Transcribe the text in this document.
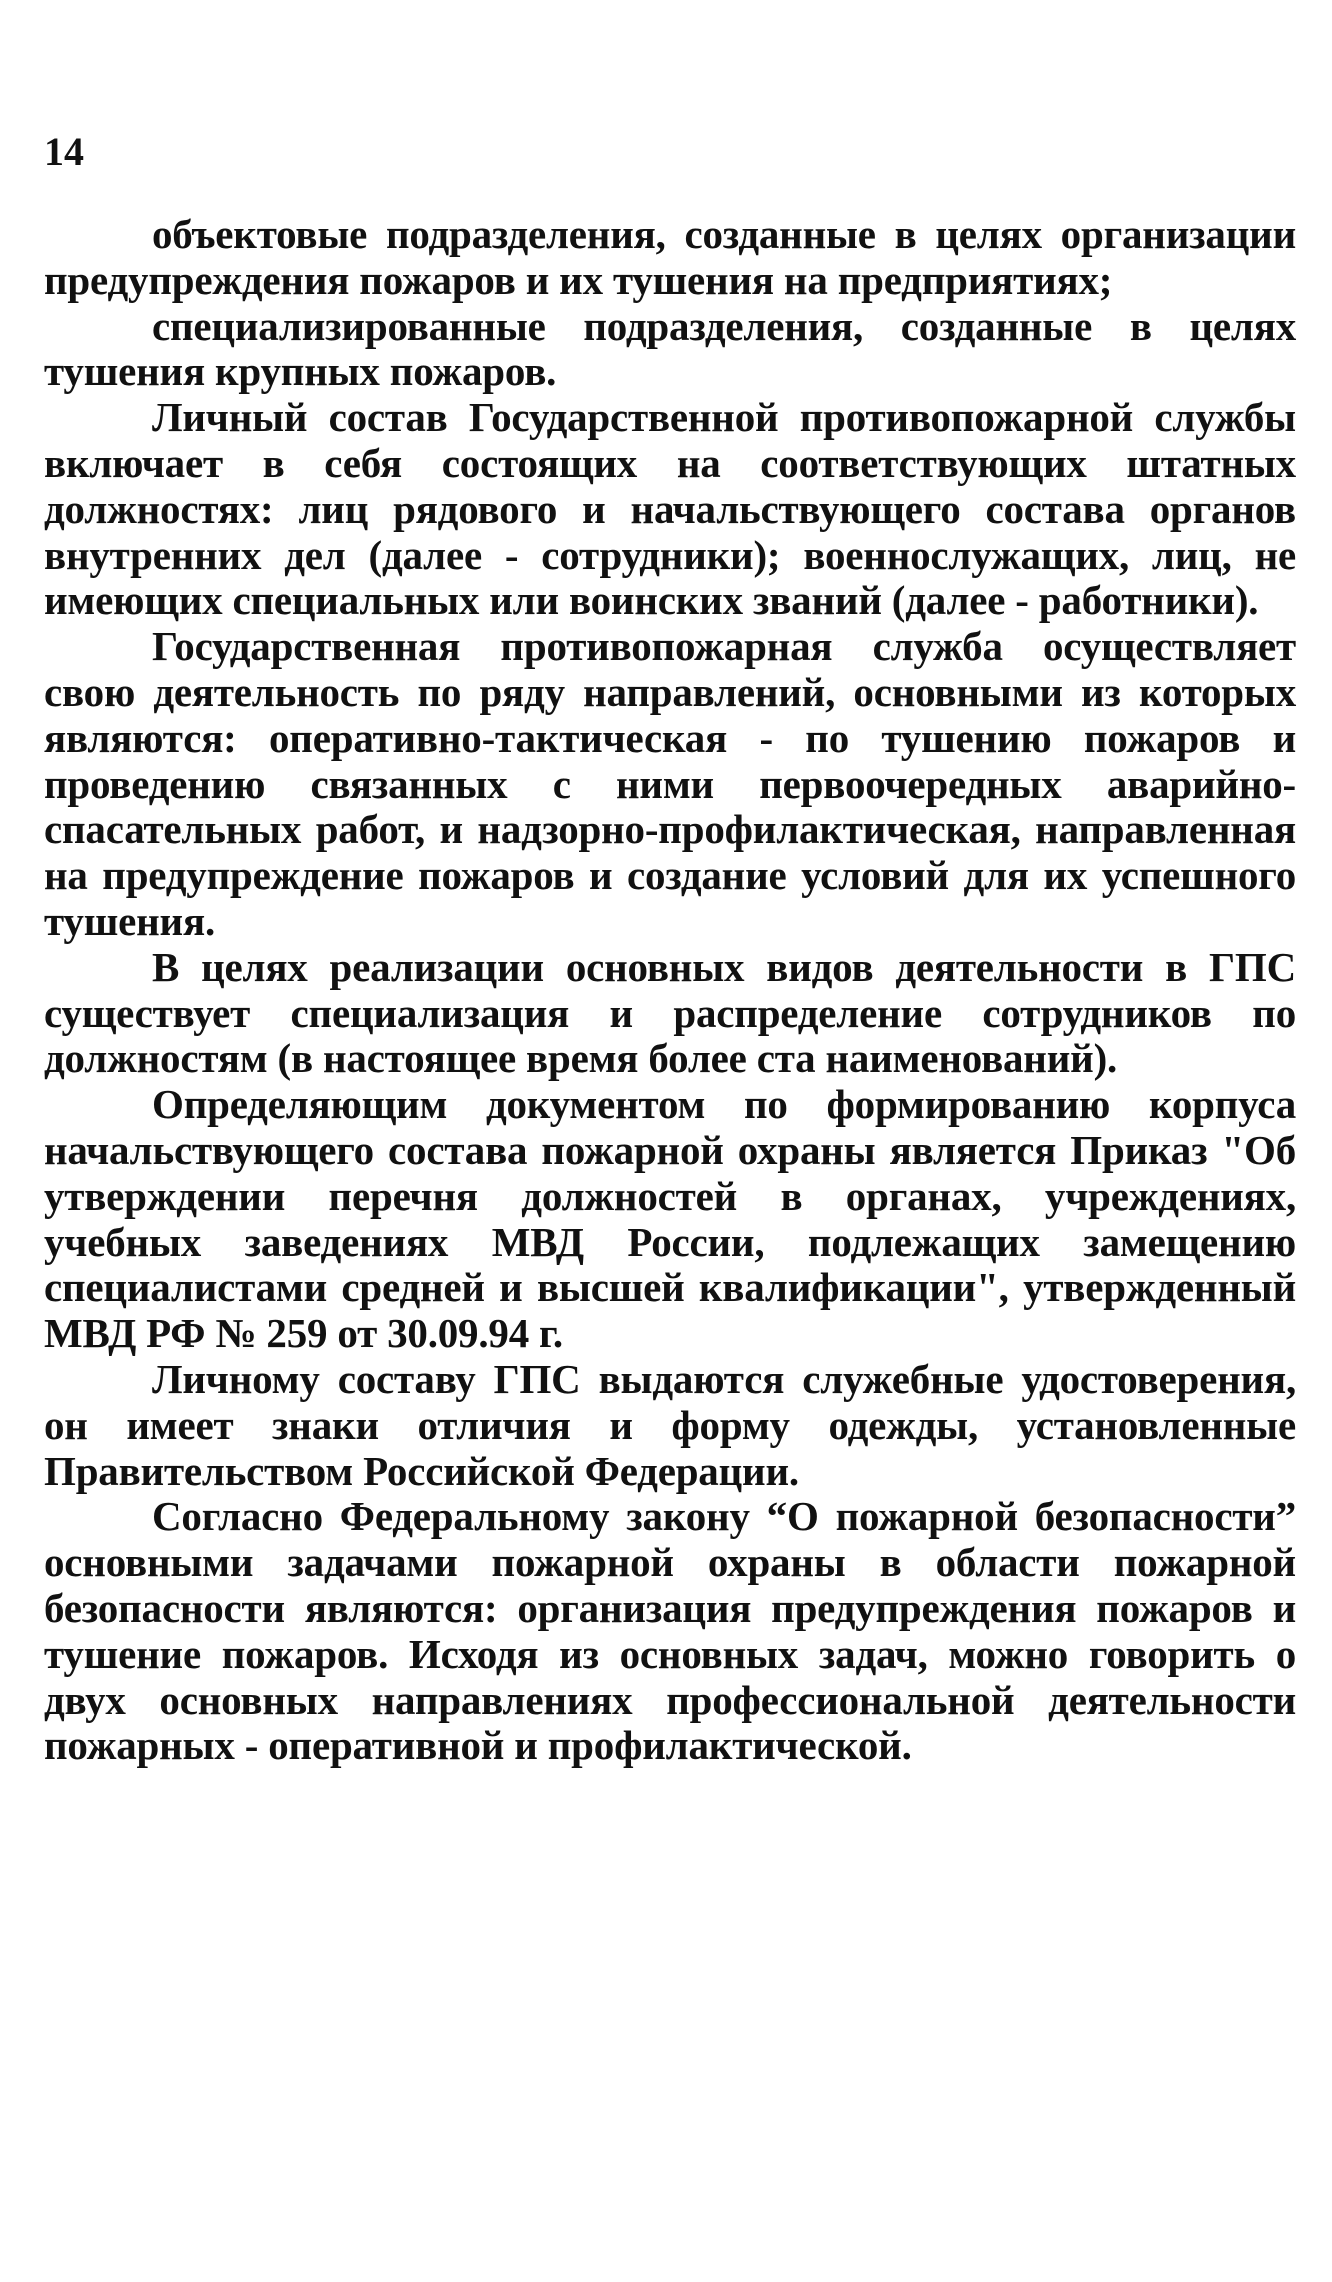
14

объектовые подразделения, созданные в целях организации предупреждения пожаров и их тушения на предприятиях;

специализированные подразделения, созданные в целях тушения крупных пожаров.

Личный состав Государственной противопожарной службы включает в себя состоящих на соответствующих штатных должностях: лиц рядового и начальствующего состава органов внутренних дел (далее - сотрудники); военнослужащих, лиц, не имеющих специальных или воинских званий (далее - работники).

Государственная противопожарная служба осуществляет свою деятельность по ряду направлений, основными из которых являются: оперативно-тактическая - по тушению пожаров и проведению связанных с ними первоочередных аварийно-спасательных работ, и надзорно-профилактическая, направленная на предупреждение пожаров и создание условий для их успешного тушения.

В целях реализации основных видов деятельности в ГПС существует специализация и распределение сотрудников по должностям (в настоящее время более ста наименований).

Определяющим документом по формированию корпуса начальствующего состава пожарной охраны является Приказ "Об утверждении перечня должностей в органах, учреждениях, учебных заведениях МВД России, подлежащих замещению специалистами средней и высшей квалификации", утвержденный МВД РФ № 259 от 30.09.94 г.

Личному составу ГПС выдаются служебные удостоверения, он имеет знаки отличия и форму одежды, установленные Правительством Российской Федерации.

Согласно Федеральному закону “О пожарной безопасности” основными задачами пожарной охраны в области пожарной безопасности являются: организация предупреждения пожаров и тушение пожаров. Исходя из основных задач, можно говорить о двух основных направлениях профессиональной деятельности пожарных - оперативной и профилактической.
